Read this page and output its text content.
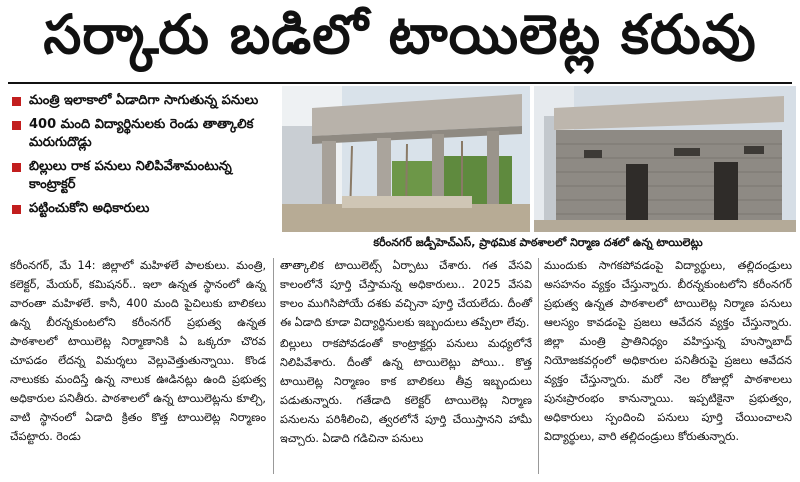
సర్కారు బడిలో టాయిలెట్ల కరువు
మంత్రి ఇలాకాలో ఏడాదిగా సాగుతున్న పనులు
400 మంది విద్యార్థినులకు రెండు తాత్కాలిక మరుగుదొడ్లు
బిల్లులు రాక పనులు నిలిపివేశామంటున్న కాంట్రాక్టర్
పట్టించుకోని అధికారులు
కరీంనగర్ జడ్పీహెచ్ఎస్, ప్రాథమిక పాఠశాలలో నిర్మాణ దశలో ఉన్న టాయిలెట్లు

కరీంనగర్, మే 14: జిల్లాలో మహిళలే పాలకులు. మంత్రి, కలెక్టర్, మేయర్, కమిషనర్.. ఇలా ఉన్నత స్థానంలో ఉన్న వారంతా మహిళలే. కానీ, 400 మంది పైచిలుకు బాలికలు ఉన్న బీరన్నకుంటలోని కరీంనగర్ ప్రభుత్వ ఉన్నత పాఠశాలలో టాయిలెట్ల నిర్మాణానికి ఏ ఒక్కరూ చొరవ చూపడం లేదన్న విమర్శలు వెల్లువెత్తుతున్నాయి. కొండ నాలుకకు మందిస్తే ఉన్న నాలుక ఊడినట్లు ఉంది ప్రభుత్వ అధికారుల పనితీరు. పాఠశాలలో ఉన్న టాయిలెట్లను కూల్చి, వాటి స్థానంలో ఏడాది క్రితం కొత్త టాయిలెట్ల నిర్మాణం చేపట్టారు. రెండు

తాత్కాలిక టాయిలెట్స్ ఏర్పాటు చేశారు. గత వేసవి కాలంలోనే పూర్తి చేస్తామన్న అధికారులు.. 2025 వేసవి కాలం ముగిసిపోయే దశకు వచ్చినా పూర్తి చేయలేదు. దీంతో ఈ ఏడాది కూడా విద్యార్థినులకు ఇబ్బందులు తప్పేలా లేవు.

బిల్లులు రాకపోవడంతో కాంట్రాక్టర్లు పనులు మధ్యలోనే నిలిపివేశారు. దీంతో ఉన్న టాయిలెట్లు పోయి.. కొత్త టాయిలెట్ల నిర్మాణం కాక బాలికలు తీవ్ర ఇబ్బందులు పడుతున్నారు. గతేడాది కలెక్టర్ టాయిలెట్ల నిర్మాణ పనులను పరిశీలించి, త్వరలోనే పూర్తి చేయిస్తానని హామీ ఇచ్చారు. ఏడాది గడిచినా పనులు

ముందుకు సాగకపోవడంపై విద్యార్థులు, తల్లిదండ్రులు అసహనం వ్యక్తం చేస్తున్నారు. బీరన్నకుంటలోని కరీంనగర్ ప్రభుత్వ ఉన్నత పాఠశాలలో టాయిలెట్ల నిర్మాణ పనులు ఆలస్యం కావడంపై ప్రజలు ఆవేదన వ్యక్తం చేస్తున్నారు. జిల్లా మంత్రి ప్రాతినిధ్యం వహిస్తున్న హుస్నాబాద్ నియోజకవర్గంలో అధికారుల పనితీరుపై ప్రజలు ఆవేదన వ్యక్తం చేస్తున్నారు. మరో నెల రోజుల్లో పాఠశాలలు పునఃప్రారంభం కానున్నాయి. ఇప్పటికైనా ప్రభుత్వం, అధికారులు స్పందించి పనులు పూర్తి చేయించాలని విద్యార్థులు, వారి తల్లిదండ్రులు కోరుతున్నారు.
